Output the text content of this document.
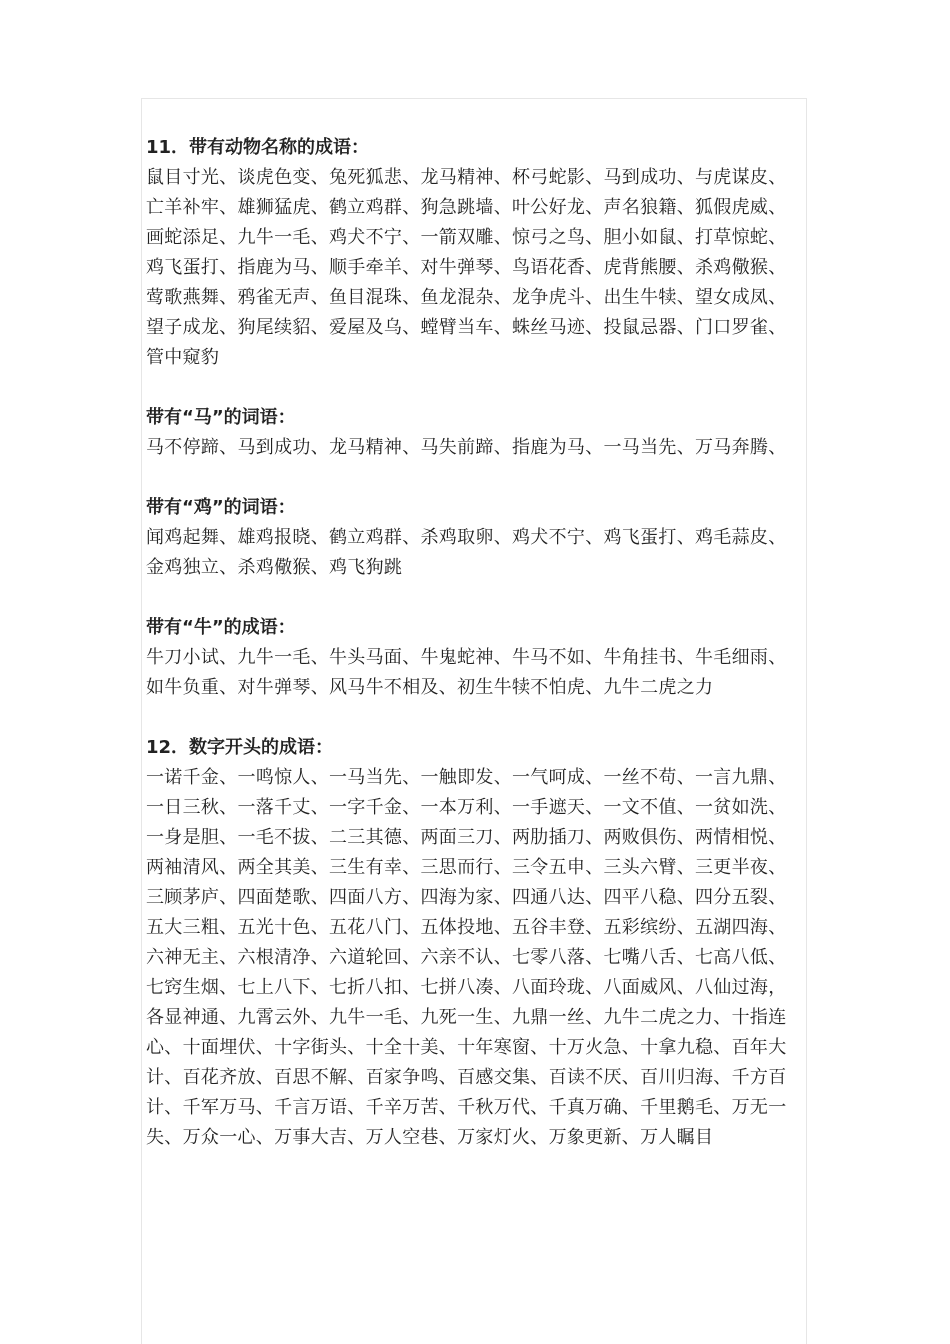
11．带有动物名称的成语：
鼠目寸光、谈虎色变、兔死狐悲、龙马精神、杯弓蛇影、马到成功、与虎谋皮、
亡羊补牢、雄狮猛虎、鹤立鸡群、狗急跳墙、叶公好龙、声名狼籍、狐假虎威、
画蛇添足、九牛一毛、鸡犬不宁、一箭双雕、惊弓之鸟、胆小如鼠、打草惊蛇、
鸡飞蛋打、指鹿为马、顺手牵羊、对牛弹琴、鸟语花香、虎背熊腰、杀鸡儆猴、
莺歌燕舞、鸦雀无声、鱼目混珠、鱼龙混杂、龙争虎斗、出生牛犊、望女成凤、
望子成龙、狗尾续貂、爱屋及乌、螳臂当车、蛛丝马迹、投鼠忌器、门口罗雀、
管中窥豹
带有“马”的词语：
马不停蹄、马到成功、龙马精神、马失前蹄、指鹿为马、一马当先、万马奔腾、
带有“鸡”的词语：
闻鸡起舞、雄鸡报晓、鹤立鸡群、杀鸡取卵、鸡犬不宁、鸡飞蛋打、鸡毛蒜皮、
金鸡独立、杀鸡儆猴、鸡飞狗跳
带有“牛”的成语：
牛刀小试、九牛一毛、牛头马面、牛鬼蛇神、牛马不如、牛角挂书、牛毛细雨、
如牛负重、对牛弹琴、风马牛不相及、初生牛犊不怕虎、九牛二虎之力
12．数字开头的成语：
一诺千金、一鸣惊人、一马当先、一触即发、一气呵成、一丝不苟、一言九鼎、
一日三秋、一落千丈、一字千金、一本万利、一手遮天、一文不值、一贫如洗、
一身是胆、一毛不拔、二三其德、两面三刀、两肋插刀、两败俱伤、两情相悦、
两袖清风、两全其美、三生有幸、三思而行、三令五申、三头六臂、三更半夜、
三顾茅庐、四面楚歌、四面八方、四海为家、四通八达、四平八稳、四分五裂、
五大三粗、五光十色、五花八门、五体投地、五谷丰登、五彩缤纷、五湖四海、
六神无主、六根清净、六道轮回、六亲不认、七零八落、七嘴八舌、七高八低、
七窍生烟、七上八下、七折八扣、七拼八凑、八面玲珑、八面威风、八仙过海，
各显神通、九霄云外、九牛一毛、九死一生、九鼎一丝、九牛二虎之力、十指连
心、十面埋伏、十字街头、十全十美、十年寒窗、十万火急、十拿九稳、百年大
计、百花齐放、百思不解、百家争鸣、百感交集、百读不厌、百川归海、千方百
计、千军万马、千言万语、千辛万苦、千秋万代、千真万确、千里鹅毛、万无一
失、万众一心、万事大吉、万人空巷、万家灯火、万象更新、万人瞩目
